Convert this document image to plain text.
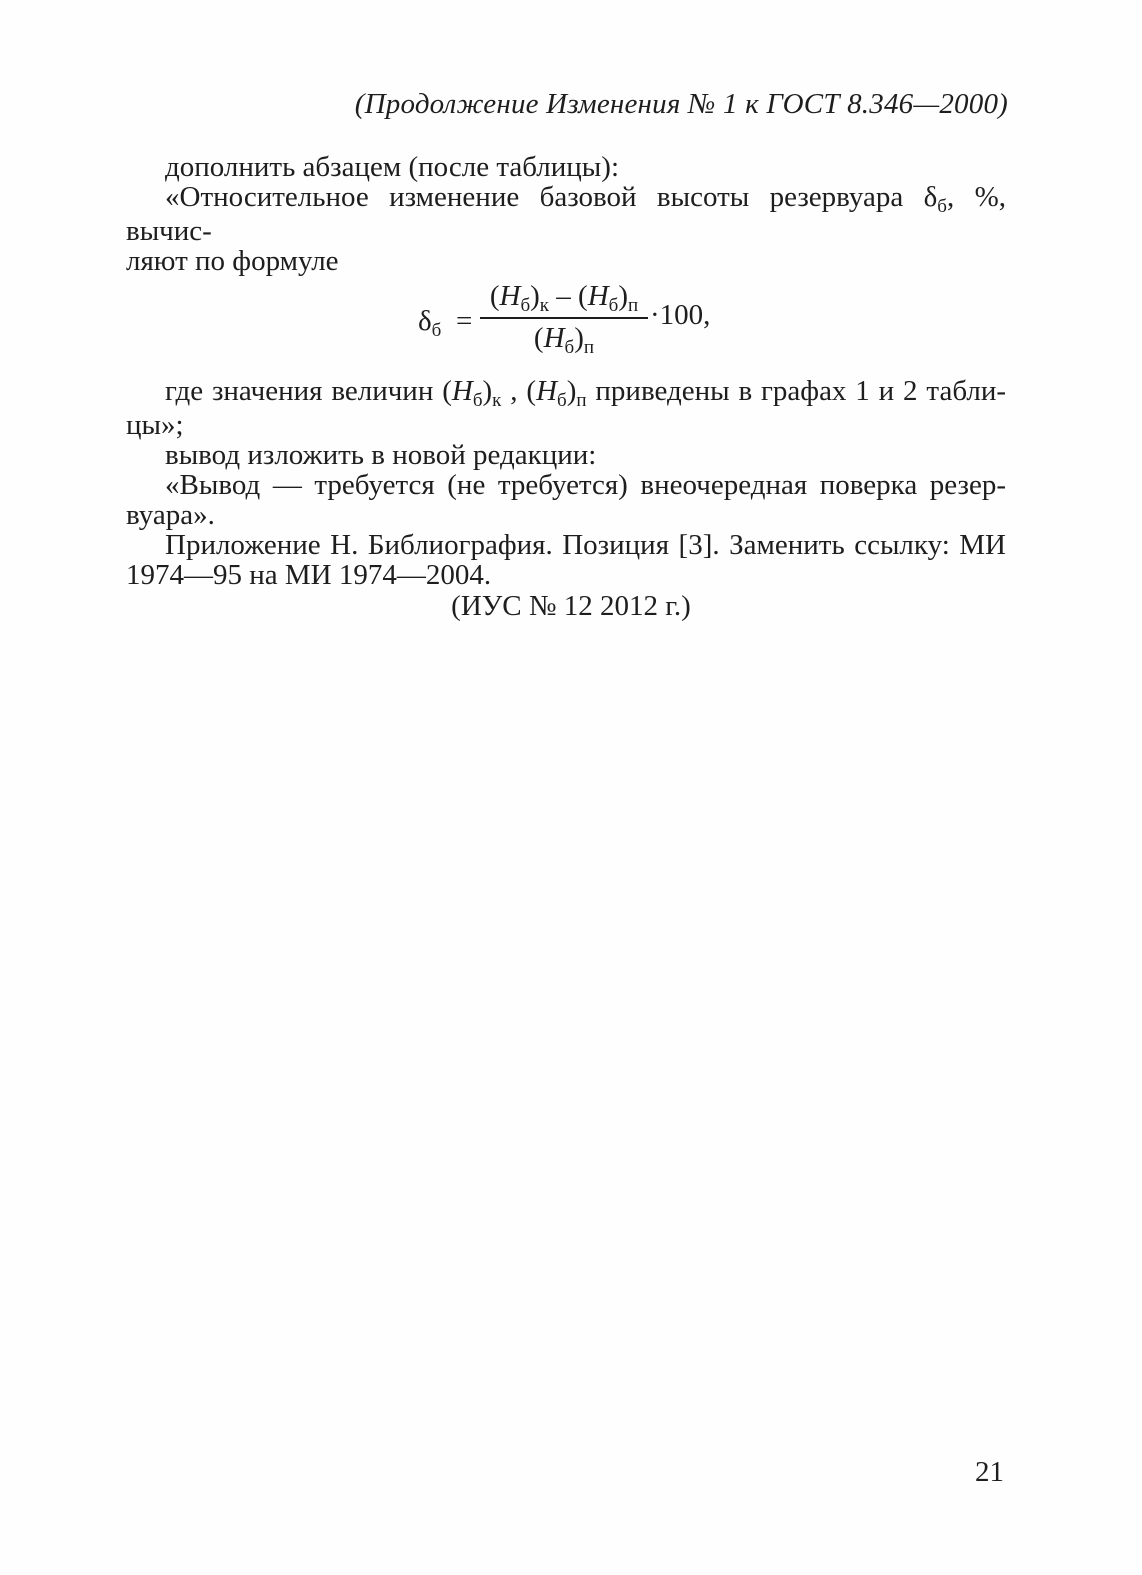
(Продолжение Изменения № 1 к ГОСТ 8.346—2000)

дополнить абзацем (после таблицы):

«Относительное изменение базовой высоты резервуара $\delta_б$, %, вычис-

ляют по формуле

$\delta_б$ =
$(H_б)_к - (H_б)_п$
$(H_б)_п$
·100,

где значения величин $(H_б)_к$ , $(H_б)_п$ приведены в графах 1 и 2 табли-

цы»;

вывод изложить в новой редакции:

«Вывод — требуется (не требуется) внеочередная поверка резер-

вуара».

Приложение Н. Библиография. Позиция [3]. Заменить ссылку: МИ

1974—95 на МИ 1974—2004.

(ИУС № 12 2012 г.)
21
